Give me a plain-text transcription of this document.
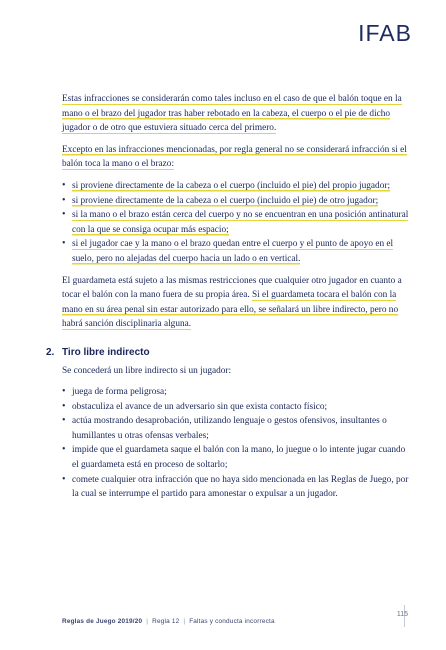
IFAB

Estas infracciones se considerarán como tales incluso en el caso de que el balón toque en la mano o el brazo del jugador tras haber rebotado en la cabeza, el cuerpo o el pie de dicho jugador o de otro que estuviera situado cerca del primero.

Excepto en las infracciones mencionadas, por regla general no se considerará infracción si el balón toca la mano o el brazo:

• si proviene directamente de la cabeza o el cuerpo (incluido el pie) del propio jugador;
• si proviene directamente de la cabeza o el cuerpo (incluido el pie) de otro jugador;
• si la mano o el brazo están cerca del cuerpo y no se encuentran en una posición antinatural con la que se consiga ocupar más espacio;
• si el jugador cae y la mano o el brazo quedan entre el cuerpo y el punto de apoyo en el suelo, pero no alejadas del cuerpo hacia un lado o en vertical.

El guardameta está sujeto a las mismas restricciones que cualquier otro jugador en cuanto a tocar el balón con la mano fuera de su propia área. Si el guardameta tocara el balón con la mano en su área penal sin estar autorizado para ello, se señalará un libre indirecto, pero no habrá sanción disciplinaria alguna.

2. Tiro libre indirecto

Se concederá un libre indirecto si un jugador:

• juega de forma peligrosa;
• obstaculiza el avance de un adversario sin que exista contacto físico;
• actúa mostrando desaprobación, utilizando lenguaje o gestos ofensivos, insultantes o humillantes u otras ofensas verbales;
• impide que el guardameta saque el balón con la mano, lo juegue o lo intente jugar cuando el guardameta está en proceso de soltarlo;
• comete cualquier otra infracción que no haya sido mencionada en las Reglas de Juego, por la cual se interrumpe el partido para amonestar o expulsar a un jugador.
Reglas de Juego 2019/20 | Regla 12 | Faltas y conducta incorrecta
115
